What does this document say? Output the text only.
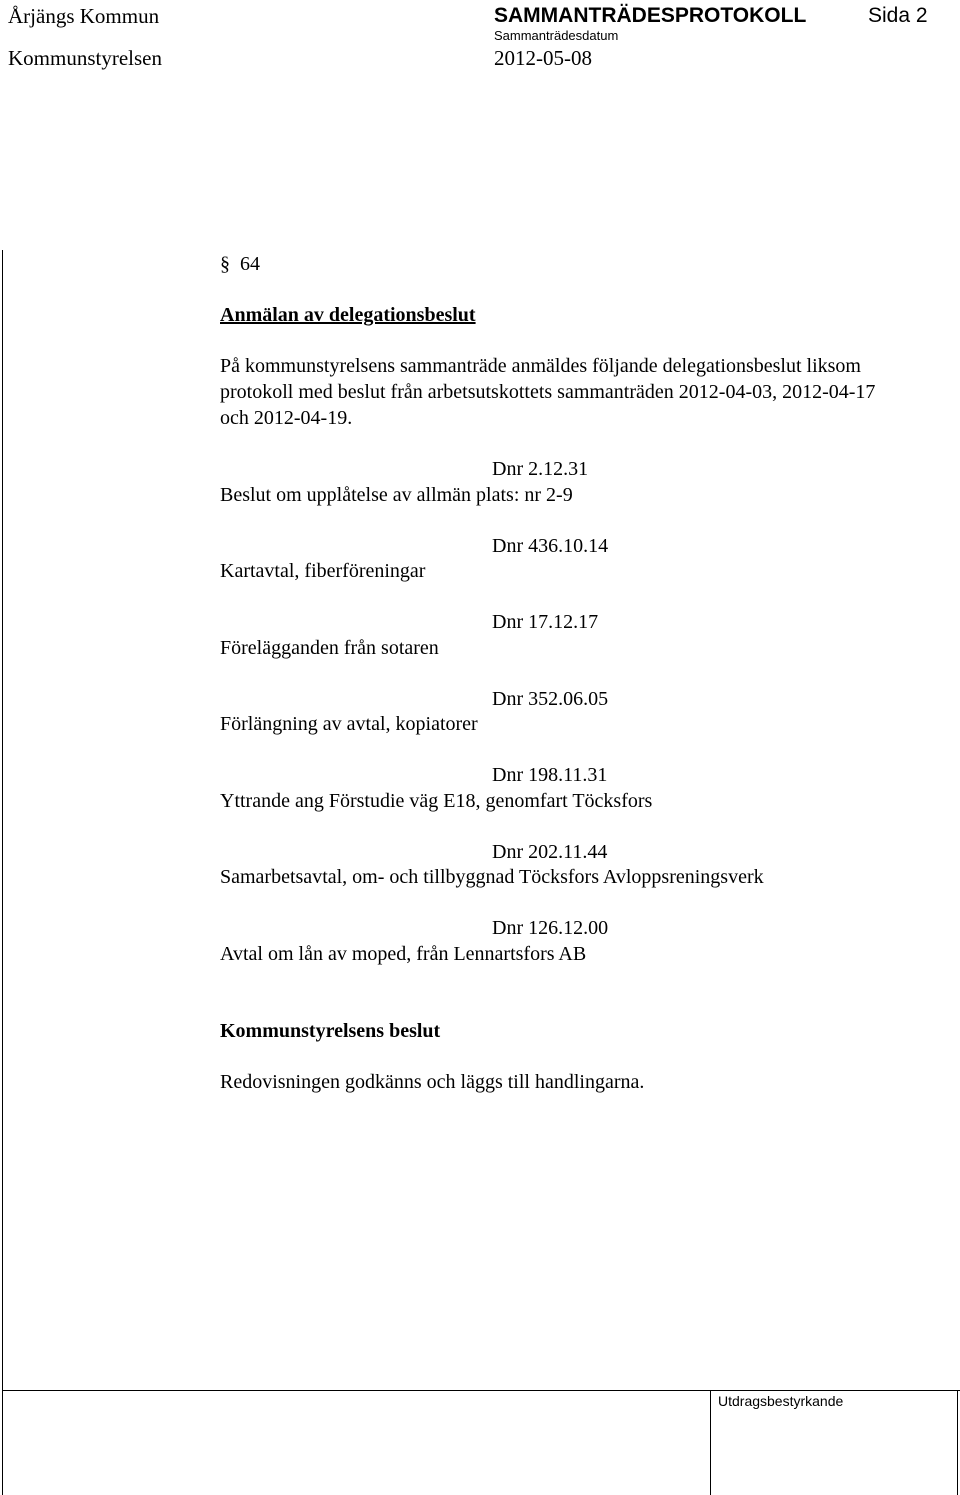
Årjängs Kommun	SAMMANTRÄDESPROTOKOLL	Sida 2
Kommunstyrelsen
Sammanträdesdatum
2012-05-08
§ 64
Anmälan av delegationsbeslut
På kommunstyrelsens sammanträde anmäldes följande delegationsbeslut liksom
protokoll med beslut från arbetsutskottets sammanträden 2012-04-03, 2012-04-17
och 2012-04-19.
Dnr 2.12.31
Beslut om upplåtelse av allmän plats: nr 2-9
Dnr 436.10.14
Kartavtal, fiberföreningar
Dnr 17.12.17
Förelägganden från sotaren
Dnr 352.06.05
Förlängning av avtal, kopiatorer
Dnr 198.11.31
Yttrande ang Förstudie väg E18, genomfart Töcksfors
Dnr 202.11.44
Samarbetsavtal, om- och tillbyggnad Töcksfors Avloppsreningsverk
Dnr 126.12.00
Avtal om lån av moped, från Lennartsfors AB
Kommunstyrelsens beslut
Redovisningen godkänns och läggs till handlingarna.
Utdragsbestyrkande
